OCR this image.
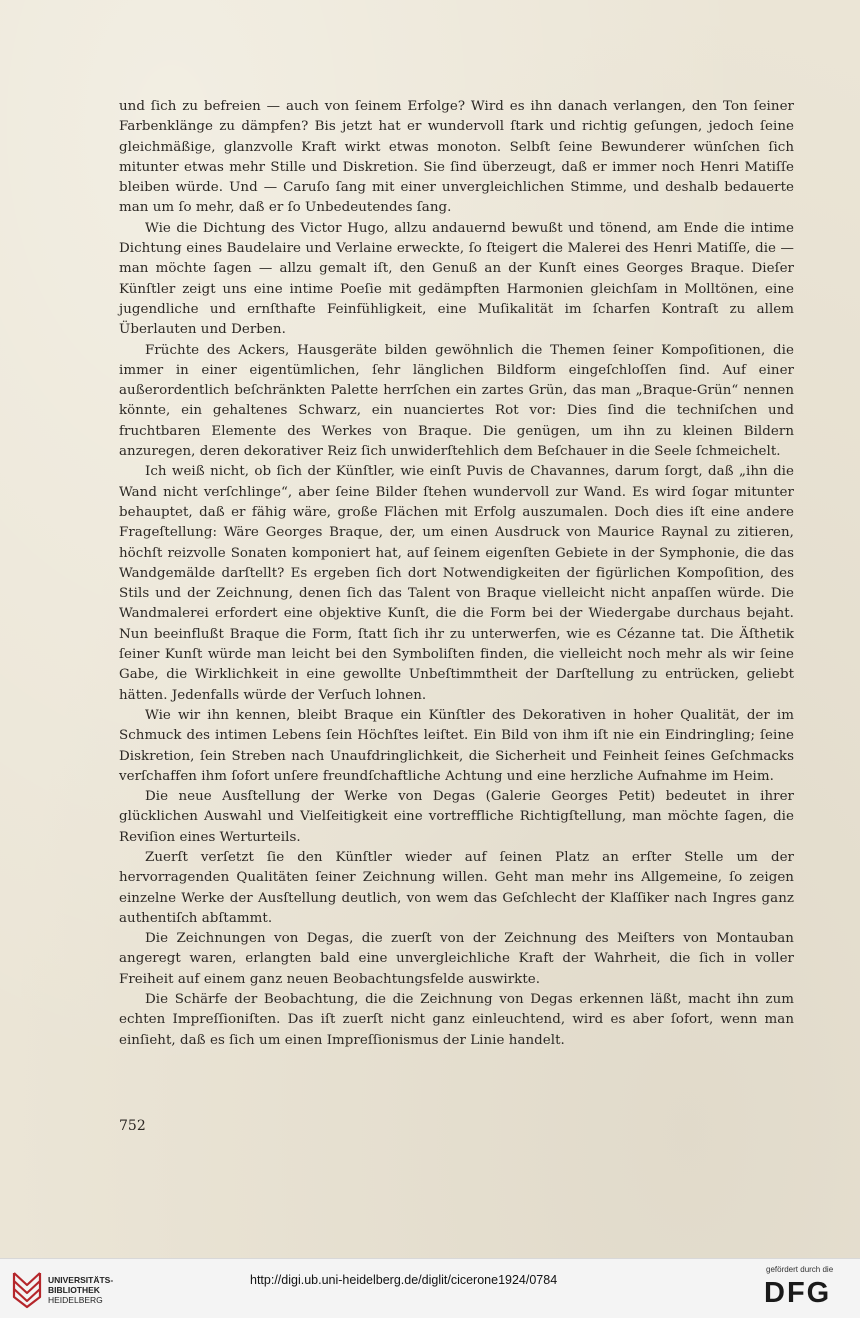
und ſich zu befreien — auch von ſeinem Erfolge? Wird es ihn danach verlangen, den Ton ſeiner Farbenklänge zu dämpfen? Bis jetzt hat er wundervoll ſtark und richtig geſungen, jedoch ſeine gleichmäßige, glanzvolle Kraft wirkt etwas monoton. Selbſt ſeine Bewunderer wünſchen ſich mitunter etwas mehr Stille und Diskretion. Sie ſind überzeugt, daß er immer noch Henri Matiſſe bleiben würde. Und — Caruſo ſang mit einer unvergleichlichen Stimme, und deshalb bedauerte man um ſo mehr, daß er ſo Unbedeutendes ſang.

Wie die Dichtung des Victor Hugo, allzu andauernd bewußt und tönend, am Ende die intime Dichtung eines Baudelaire und Verlaine erweckte, ſo ſteigert die Malerei des Henri Matiſſe, die — man möchte ſagen — allzu gemalt iſt, den Genuß an der Kunſt eines Georges Braque. Dieſer Künſtler zeigt uns eine intime Poeſie mit gedämpften Harmonien gleichſam in Molltönen, eine jugendliche und ernſthafte Feinfühligkeit, eine Muſikalität im ſcharfen Kontraſt zu allem Überlauten und Derben.

Früchte des Ackers, Hausgeräte bilden gewöhnlich die Themen ſeiner Kompoſitionen, die immer in einer eigentümlichen, ſehr länglichen Bildform eingeſchloſſen ſind. Auf einer außerordentlich beſchränkten Palette herrſchen ein zartes Grün, das man „Braque-Grün“ nennen könnte, ein gehaltenes Schwarz, ein nuanciertes Rot vor: Dies ſind die techniſchen und fruchtbaren Elemente des Werkes von Braque. Die genügen, um ihn zu kleinen Bildern anzuregen, deren dekorativer Reiz ſich unwiderſtehlich dem Beſchauer in die Seele ſchmeichelt.

Ich weiß nicht, ob ſich der Künſtler, wie einſt Puvis de Chavannes, darum ſorgt, daß „ihn die Wand nicht verſchlinge“, aber ſeine Bilder ſtehen wundervoll zur Wand. Es wird ſogar mitunter behauptet, daß er fähig wäre, große Flächen mit Erfolg auszumalen. Doch dies iſt eine andere Frageſtellung: Wäre Georges Braque, der, um einen Ausdruck von Maurice Raynal zu zitieren, höchſt reizvolle Sonaten komponiert hat, auf ſeinem eigenſten Gebiete in der Symphonie, die das Wandgemälde darſtellt? Es ergeben ſich dort Notwendigkeiten der figürlichen Kompoſition, des Stils und der Zeichnung, denen ſich das Talent von Braque vielleicht nicht anpaſſen würde. Die Wandmalerei erfordert eine objektive Kunſt, die die Form bei der Wiedergabe durchaus bejaht. Nun beeinflußt Braque die Form, ſtatt ſich ihr zu unterwerfen, wie es Cézanne tat. Die Äſthetik ſeiner Kunſt würde man leicht bei den Symboliſten finden, die vielleicht noch mehr als wir ſeine Gabe, die Wirklichkeit in eine gewollte Unbeſtimmtheit der Darſtellung zu entrücken, geliebt hätten. Jedenfalls würde der Verſuch lohnen.

Wie wir ihn kennen, bleibt Braque ein Künſtler des Dekorativen in hoher Qualität, der im Schmuck des intimen Lebens ſein Höchſtes leiſtet. Ein Bild von ihm iſt nie ein Eindringling; ſeine Diskretion, ſein Streben nach Unaufdringlichkeit, die Sicherheit und Feinheit ſeines Geſchmacks verſchaffen ihm ſofort unſere freundſchaftliche Achtung und eine herzliche Aufnahme im Heim.

Die neue Ausſtellung der Werke von Degas (Galerie Georges Petit) bedeutet in ihrer glücklichen Auswahl und Vielſeitigkeit eine vortreffliche Richtigſtellung, man möchte ſagen, die Reviſion eines Werturteils.

Zuerſt verſetzt ſie den Künſtler wieder auf ſeinen Platz an erſter Stelle um der hervorragenden Qualitäten ſeiner Zeichnung willen. Geht man mehr ins Allgemeine, ſo zeigen einzelne Werke der Ausſtellung deutlich, von wem das Geſchlecht der Klaſſiker nach Ingres ganz authentiſch abſtammt.

Die Zeichnungen von Degas, die zuerſt von der Zeichnung des Meiſters von Montauban angeregt waren, erlangten bald eine unvergleichliche Kraft der Wahrheit, die ſich in voller Freiheit auf einem ganz neuen Beobachtungsfelde auswirkte.

Die Schärfe der Beobachtung, die die Zeichnung von Degas erkennen läßt, macht ihn zum echten Impreſſioniſten. Das iſt zuerſt nicht ganz einleuchtend, wird es aber ſofort, wenn man einſieht, daß es ſich um einen Impreſſionismus der Linie handelt.

752
UNIVERSITÄTS-
BIBLIOTHEK
HEIDELBERG
http://digi.ub.uni-heidelberg.de/diglit/cicerone1924/0784
gefördert durch die
DFG
